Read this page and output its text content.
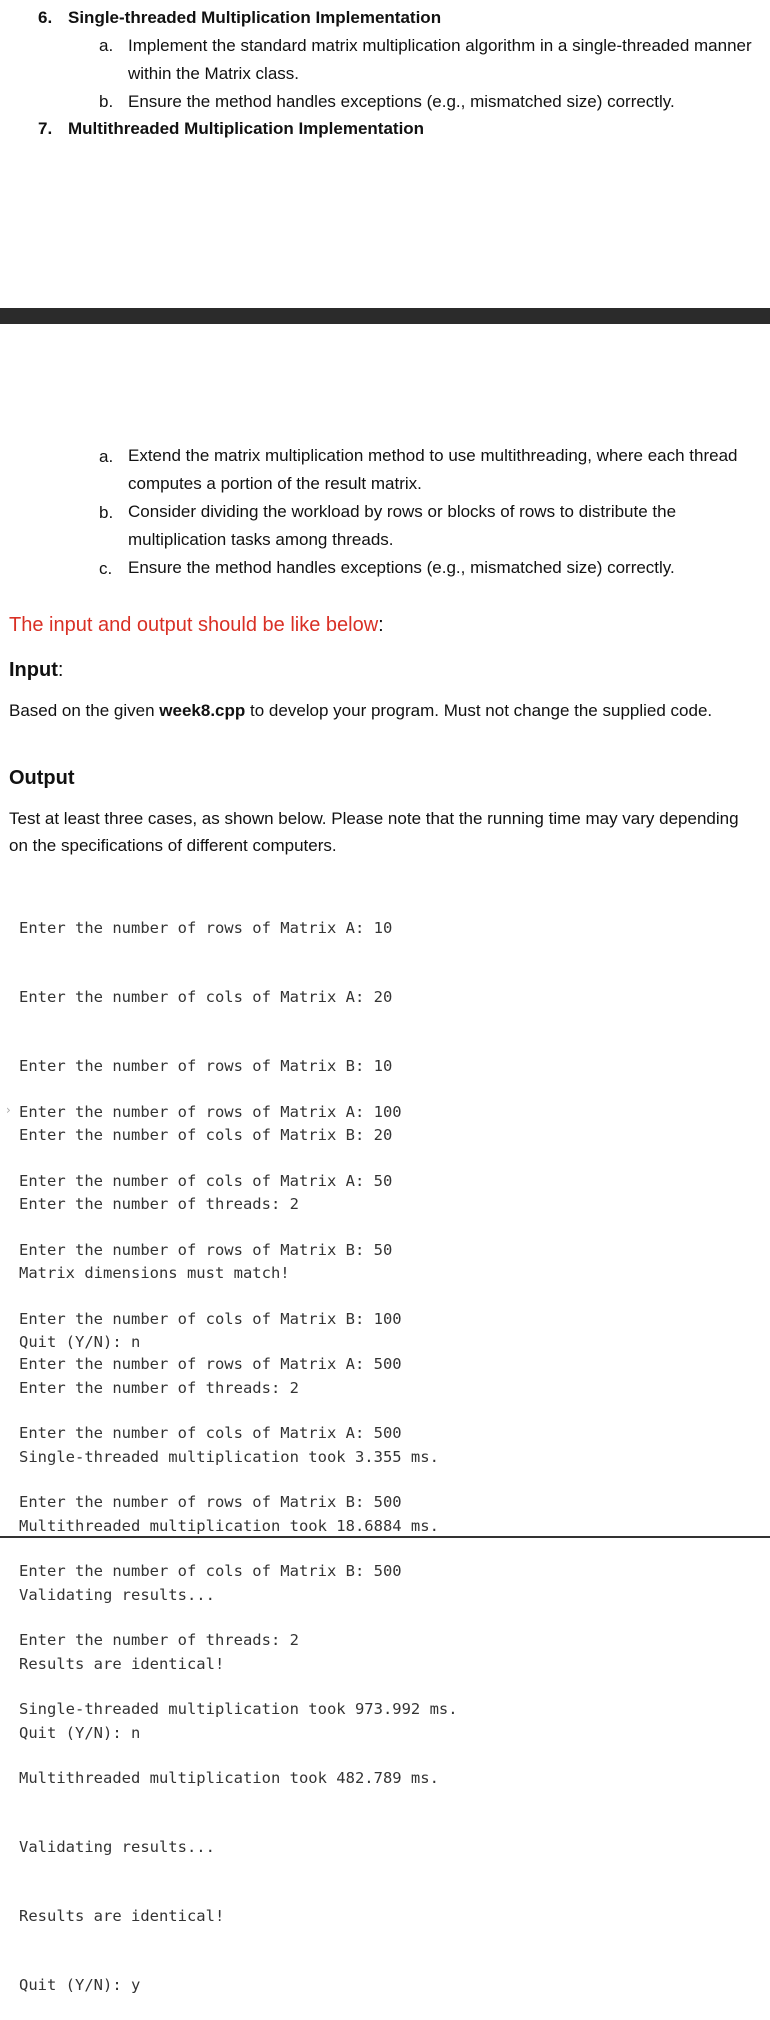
6. Single-threaded Multiplication Implementation
a. Implement the standard matrix multiplication algorithm in a single-threaded manner within the Matrix class.
b. Ensure the method handles exceptions (e.g., mismatched size) correctly.
7. Multithreaded Multiplication Implementation
a. Extend the matrix multiplication method to use multithreading, where each thread computes a portion of the result matrix.
b. Consider dividing the workload by rows or blocks of rows to distribute the multiplication tasks among threads.
c. Ensure the method handles exceptions (e.g., mismatched size) correctly.
The input and output should be like below:
Input:
Based on the given week8.cpp to develop your program. Must not change the supplied code.
Output
Test at least three cases, as shown below. Please note that the running time may vary depending on the specifications of different computers.

Enter the number of rows of Matrix A: 10

Enter the number of cols of Matrix A: 20

Enter the number of rows of Matrix B: 10

Enter the number of cols of Matrix B: 20

Enter the number of threads: 2

Matrix dimensions must match!

Quit (Y/N): n

›

Enter the number of rows of Matrix A: 100

Enter the number of cols of Matrix A: 50

Enter the number of rows of Matrix B: 50

Enter the number of cols of Matrix B: 100

Enter the number of threads: 2

Single-threaded multiplication took 3.355 ms.

Multithreaded multiplication took 18.6884 ms.

Validating results...

Results are identical!

Quit (Y/N): n

Enter the number of rows of Matrix A: 500

Enter the number of cols of Matrix A: 500

Enter the number of rows of Matrix B: 500

Enter the number of cols of Matrix B: 500

Enter the number of threads: 2

Single-threaded multiplication took 973.992 ms.

Multithreaded multiplication took 482.789 ms.

Validating results...

Results are identical!

Quit (Y/N): y
